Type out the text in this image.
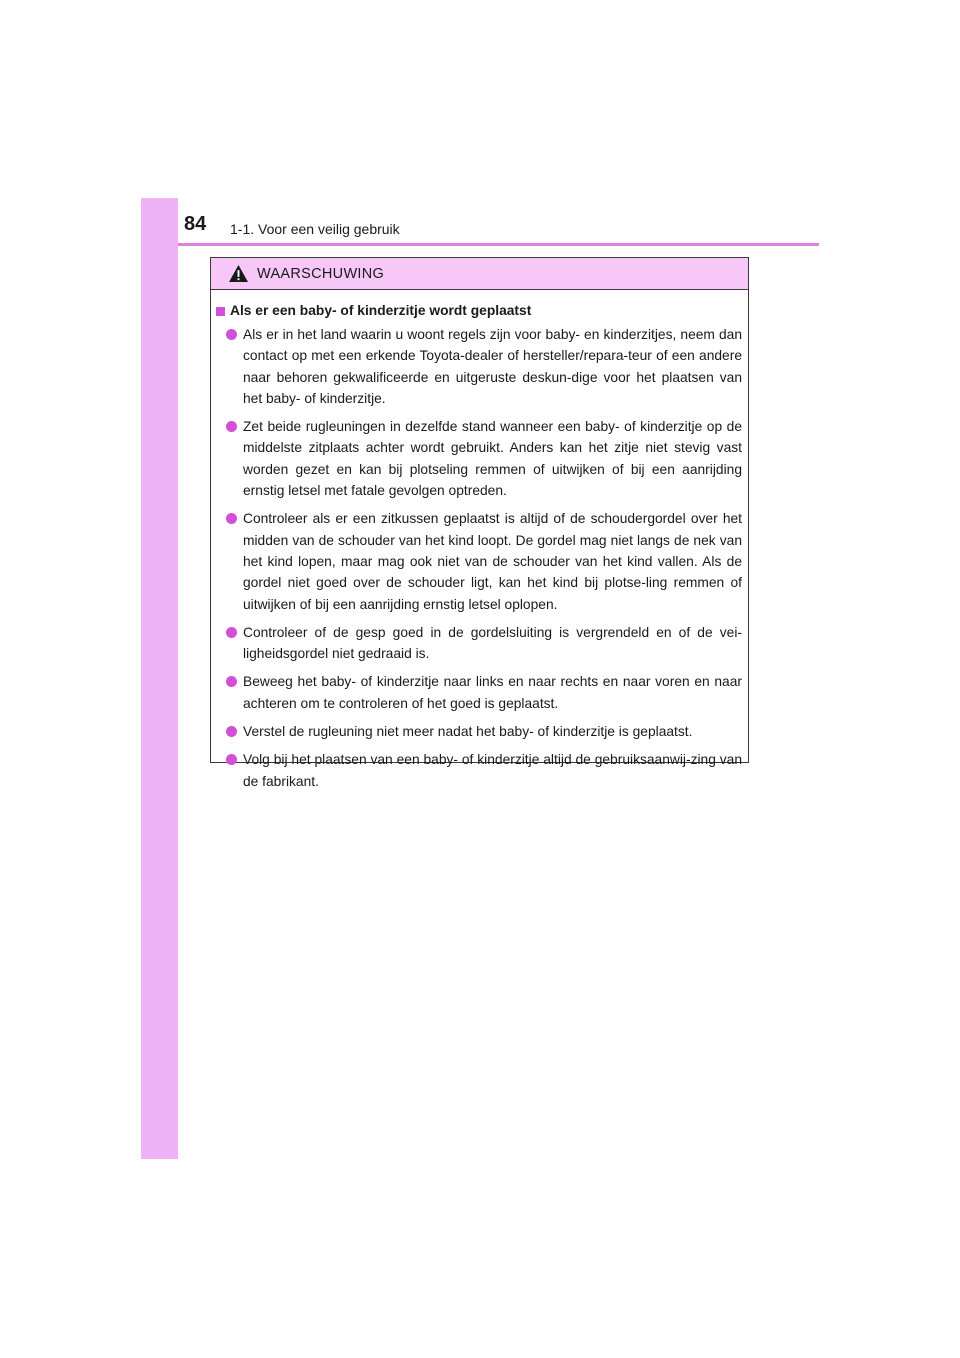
84 1-1. Voor een veilig gebruik
WAARSCHUWING
Als er een baby- of kinderzitje wordt geplaatst
Als er in het land waarin u woont regels zijn voor baby- en kinderzitjes, neem dan contact op met een erkende Toyota-dealer of hersteller/repara-teur of een andere naar behoren gekwalificeerde en uitgeruste deskun-dige voor het plaatsen van het baby- of kinderzitje.
Zet beide rugleuningen in dezelfde stand wanneer een baby- of kinderzitje op de middelste zitplaats achter wordt gebruikt. Anders kan het zitje niet stevig vast worden gezet en kan bij plotseling remmen of uitwijken of bij een aanrijding ernstig letsel met fatale gevolgen optreden.
Controleer als er een zitkussen geplaatst is altijd of de schoudergordel over het midden van de schouder van het kind loopt. De gordel mag niet langs de nek van het kind lopen, maar mag ook niet van de schouder van het kind vallen. Als de gordel niet goed over de schouder ligt, kan het kind bij plotse-ling remmen of uitwijken of bij een aanrijding ernstig letsel oplopen.
Controleer of de gesp goed in de gordelsluiting is vergrendeld en of de vei-ligheidsgordel niet gedraaid is.
Beweeg het baby- of kinderzitje naar links en naar rechts en naar voren en naar achteren om te controleren of het goed is geplaatst.
Verstel de rugleuning niet meer nadat het baby- of kinderzitje is geplaatst.
Volg bij het plaatsen van een baby- of kinderzitje altijd de gebruiksaanwij-zing van de fabrikant.
